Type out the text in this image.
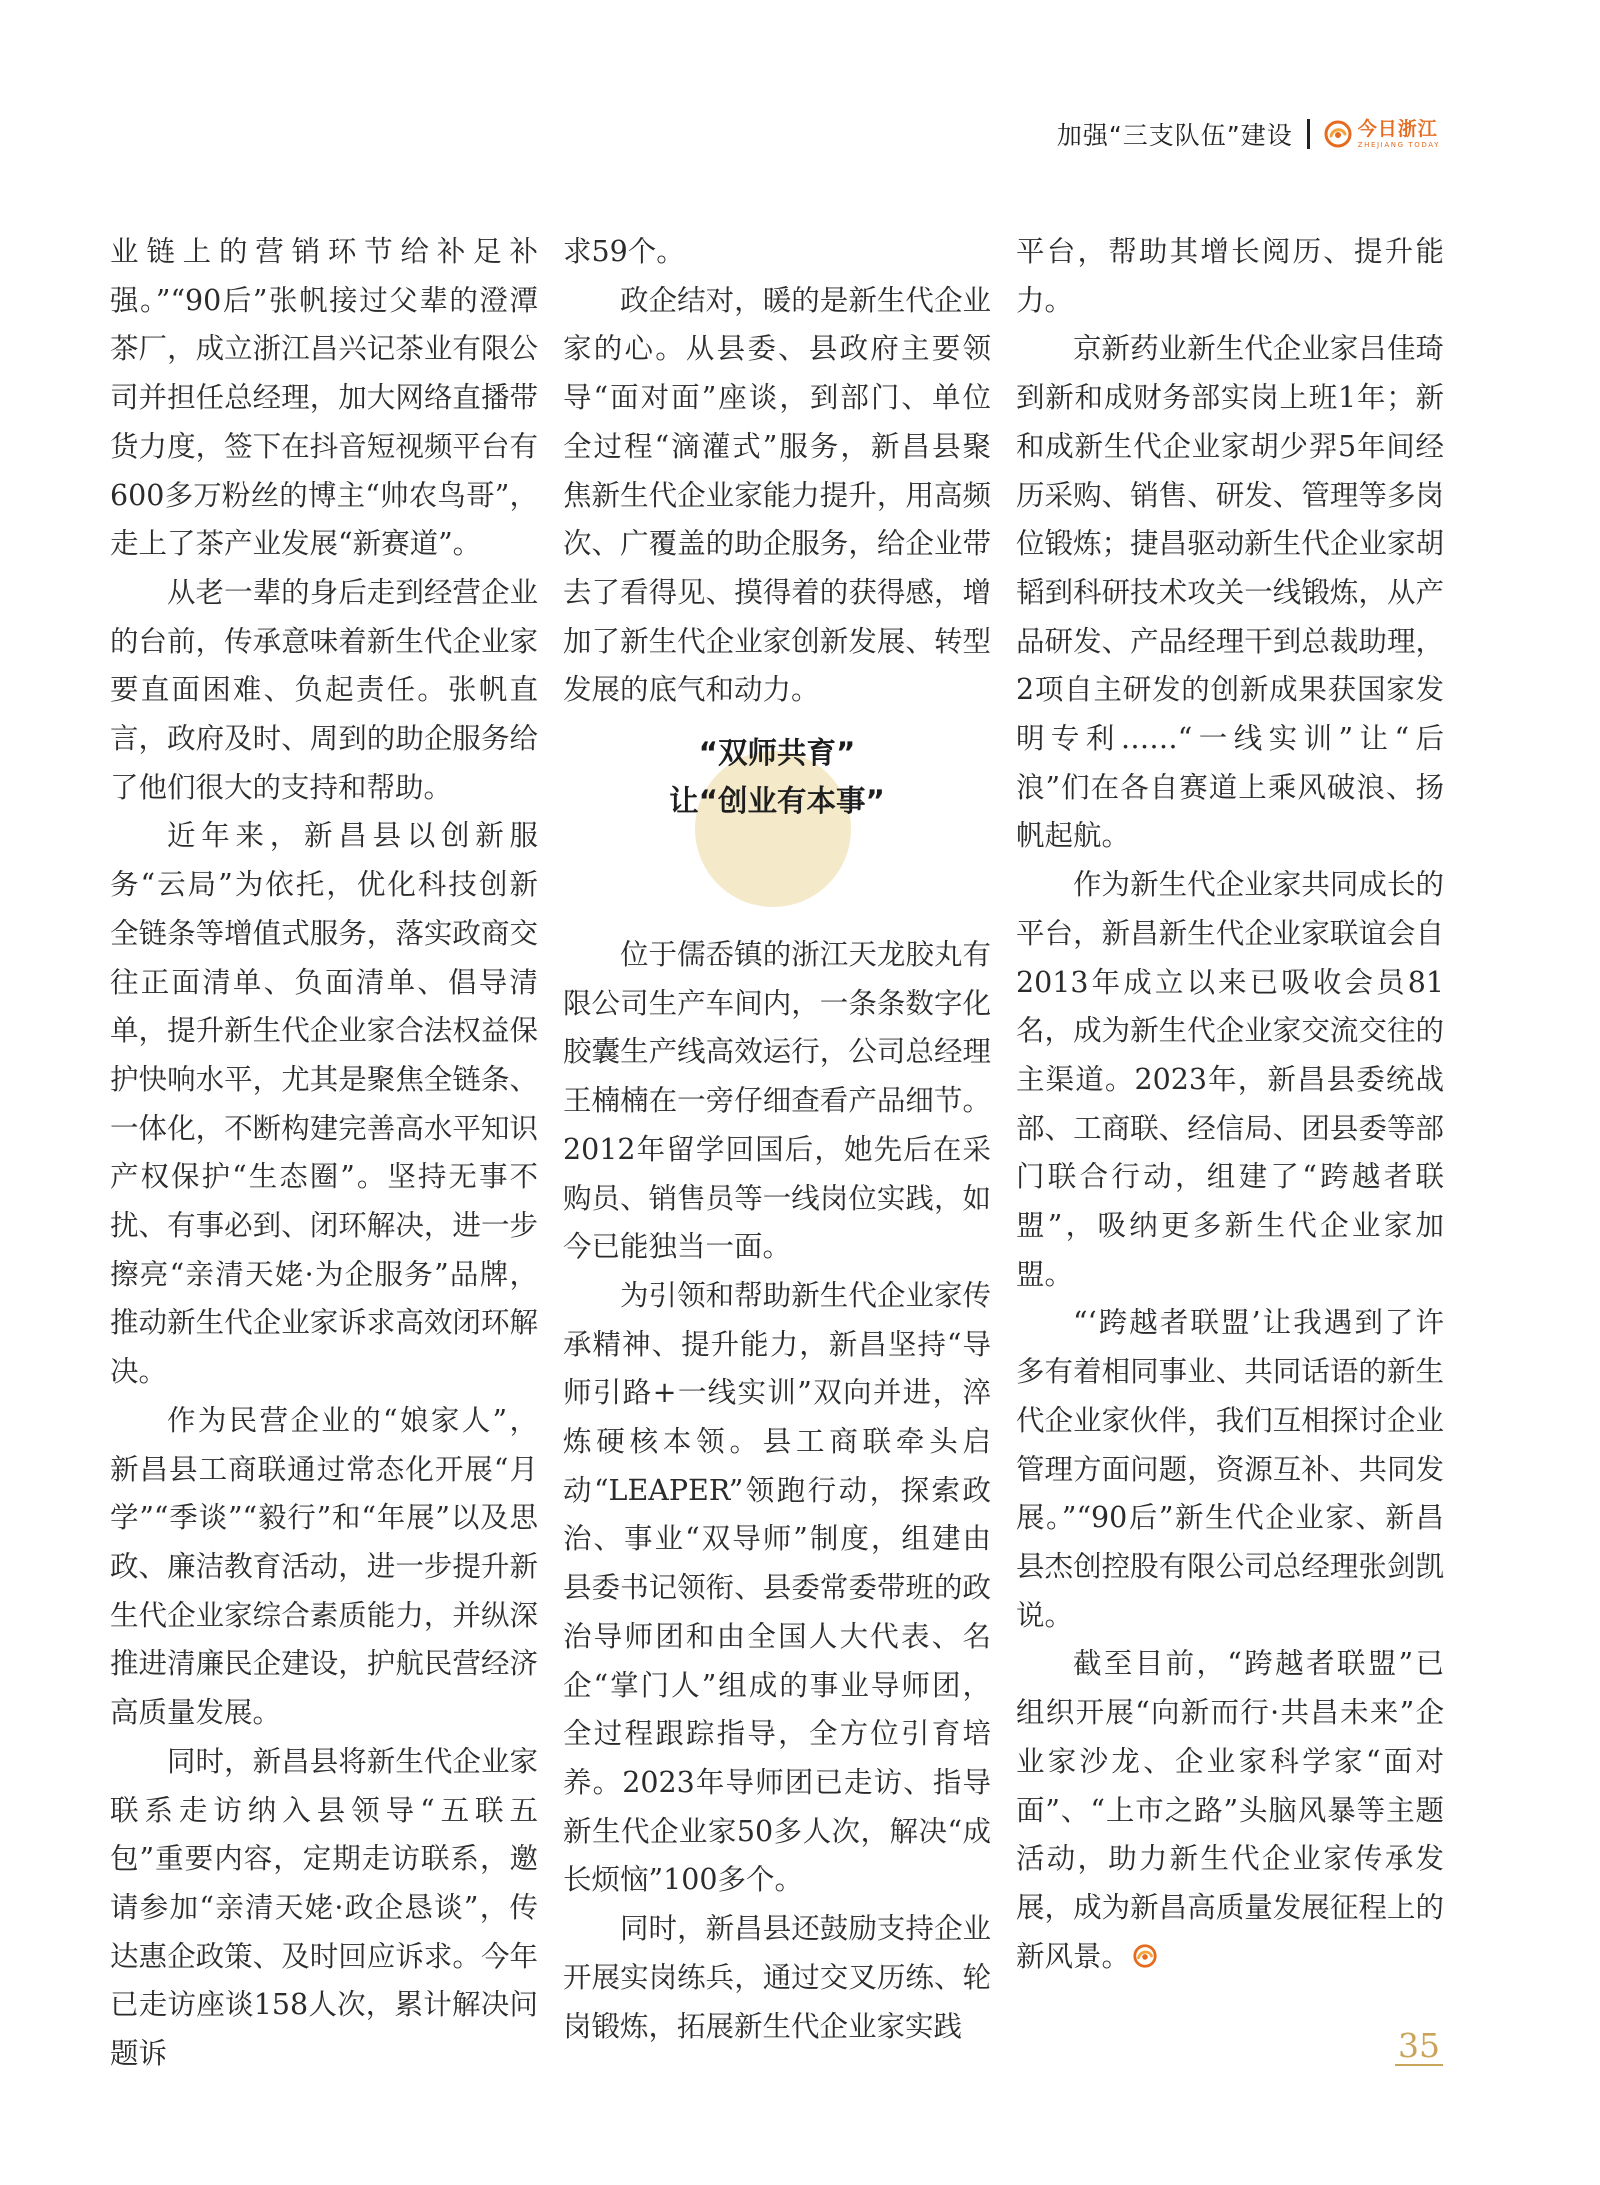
加强“三支队伍”建设	今日浙江
ZHEJIANG TODAY

业链上的营销环节给补足补强。”“90后”张帆接过父辈的澄潭茶厂，成立浙江昌兴记茶业有限公司并担任总经理，加大网络直播带货力度，签下在抖音短视频平台有600多万粉丝的博主“帅农鸟哥”，走上了茶产业发展“新赛道”。

从老一辈的身后走到经营企业的台前，传承意味着新生代企业家要直面困难、负起责任。张帆直言，政府及时、周到的助企服务给了他们很大的支持和帮助。

近年来，新昌县以创新服务“云局”为依托，优化科技创新全链条等增值式服务，落实政商交往正面清单、负面清单、倡导清单，提升新生代企业家合法权益保护快响水平，尤其是聚焦全链条、一体化，不断构建完善高水平知识产权保护“生态圈”。坚持无事不扰、有事必到、闭环解决，进一步擦亮“亲清天姥·为企服务”品牌，推动新生代企业家诉求高效闭环解决。

作为民营企业的“娘家人”，新昌县工商联通过常态化开展“月学”“季谈”“毅行”和“年展”以及思政、廉洁教育活动，进一步提升新生代企业家综合素质能力，并纵深推进清廉民企建设，护航民营经济高质量发展。

同时，新昌县将新生代企业家联系走访纳入县领导“五联五包”重要内容，定期走访联系，邀请参加“亲清天姥·政企恳谈”，传达惠企政策、及时回应诉求。今年已走访座谈158人次，累计解决问题诉

求59个。

政企结对，暖的是新生代企业家的心。从县委、县政府主要领导“面对面”座谈，到部门、单位全过程“滴灌式”服务，新昌县聚焦新生代企业家能力提升，用高频次、广覆盖的助企服务，给企业带去了看得见、摸得着的获得感，增加了新生代企业家创新发展、转型发展的底气和动力。

“双师共育”
让“创业有本事”

位于儒岙镇的浙江天龙胶丸有限公司生产车间内，一条条数字化胶囊生产线高效运行，公司总经理王楠楠在一旁仔细查看产品细节。2012年留学回国后，她先后在采购员、销售员等一线岗位实践，如今已能独当一面。

为引领和帮助新生代企业家传承精神、提升能力，新昌坚持“导师引路+一线实训”双向并进，淬炼硬核本领。县工商联牵头启动“LEAPER”领跑行动，探索政治、事业“双导师”制度，组建由县委书记领衔、县委常委带班的政治导师团和由全国人大代表、名企“掌门人”组成的事业导师团，全过程跟踪指导，全方位引育培养。2023年导师团已走访、指导新生代企业家50多人次，解决“成长烦恼”100多个。

同时，新昌县还鼓励支持企业开展实岗练兵，通过交叉历练、轮岗锻炼，拓展新生代企业家实践

平台，帮助其增长阅历、提升能力。

京新药业新生代企业家吕佳琦到新和成财务部实岗上班1年；新和成新生代企业家胡少羿5年间经历采购、销售、研发、管理等多岗位锻炼；捷昌驱动新生代企业家胡韬到科研技术攻关一线锻炼，从产品研发、产品经理干到总裁助理，2项自主研发的创新成果获国家发明专利……“一线实训”让“后浪”们在各自赛道上乘风破浪、扬帆起航。

作为新生代企业家共同成长的平台，新昌新生代企业家联谊会自2013年成立以来已吸收会员81名，成为新生代企业家交流交往的主渠道。2023年，新昌县委统战部、工商联、经信局、团县委等部门联合行动，组建了“跨越者联盟”，吸纳更多新生代企业家加盟。

“‘跨越者联盟’让我遇到了许多有着相同事业、共同话语的新生代企业家伙伴，我们互相探讨企业管理方面问题，资源互补、共同发展。”“90后”新生代企业家、新昌县杰创控股有限公司总经理张剑凯说。

截至目前，“跨越者联盟”已组织开展“向新而行·共昌未来”企业家沙龙、企业家科学家“面对面”、“上市之路”头脑风暴等主题活动，助力新生代企业家传承发展，成为新昌高质量发展征程上的新风景。

35
